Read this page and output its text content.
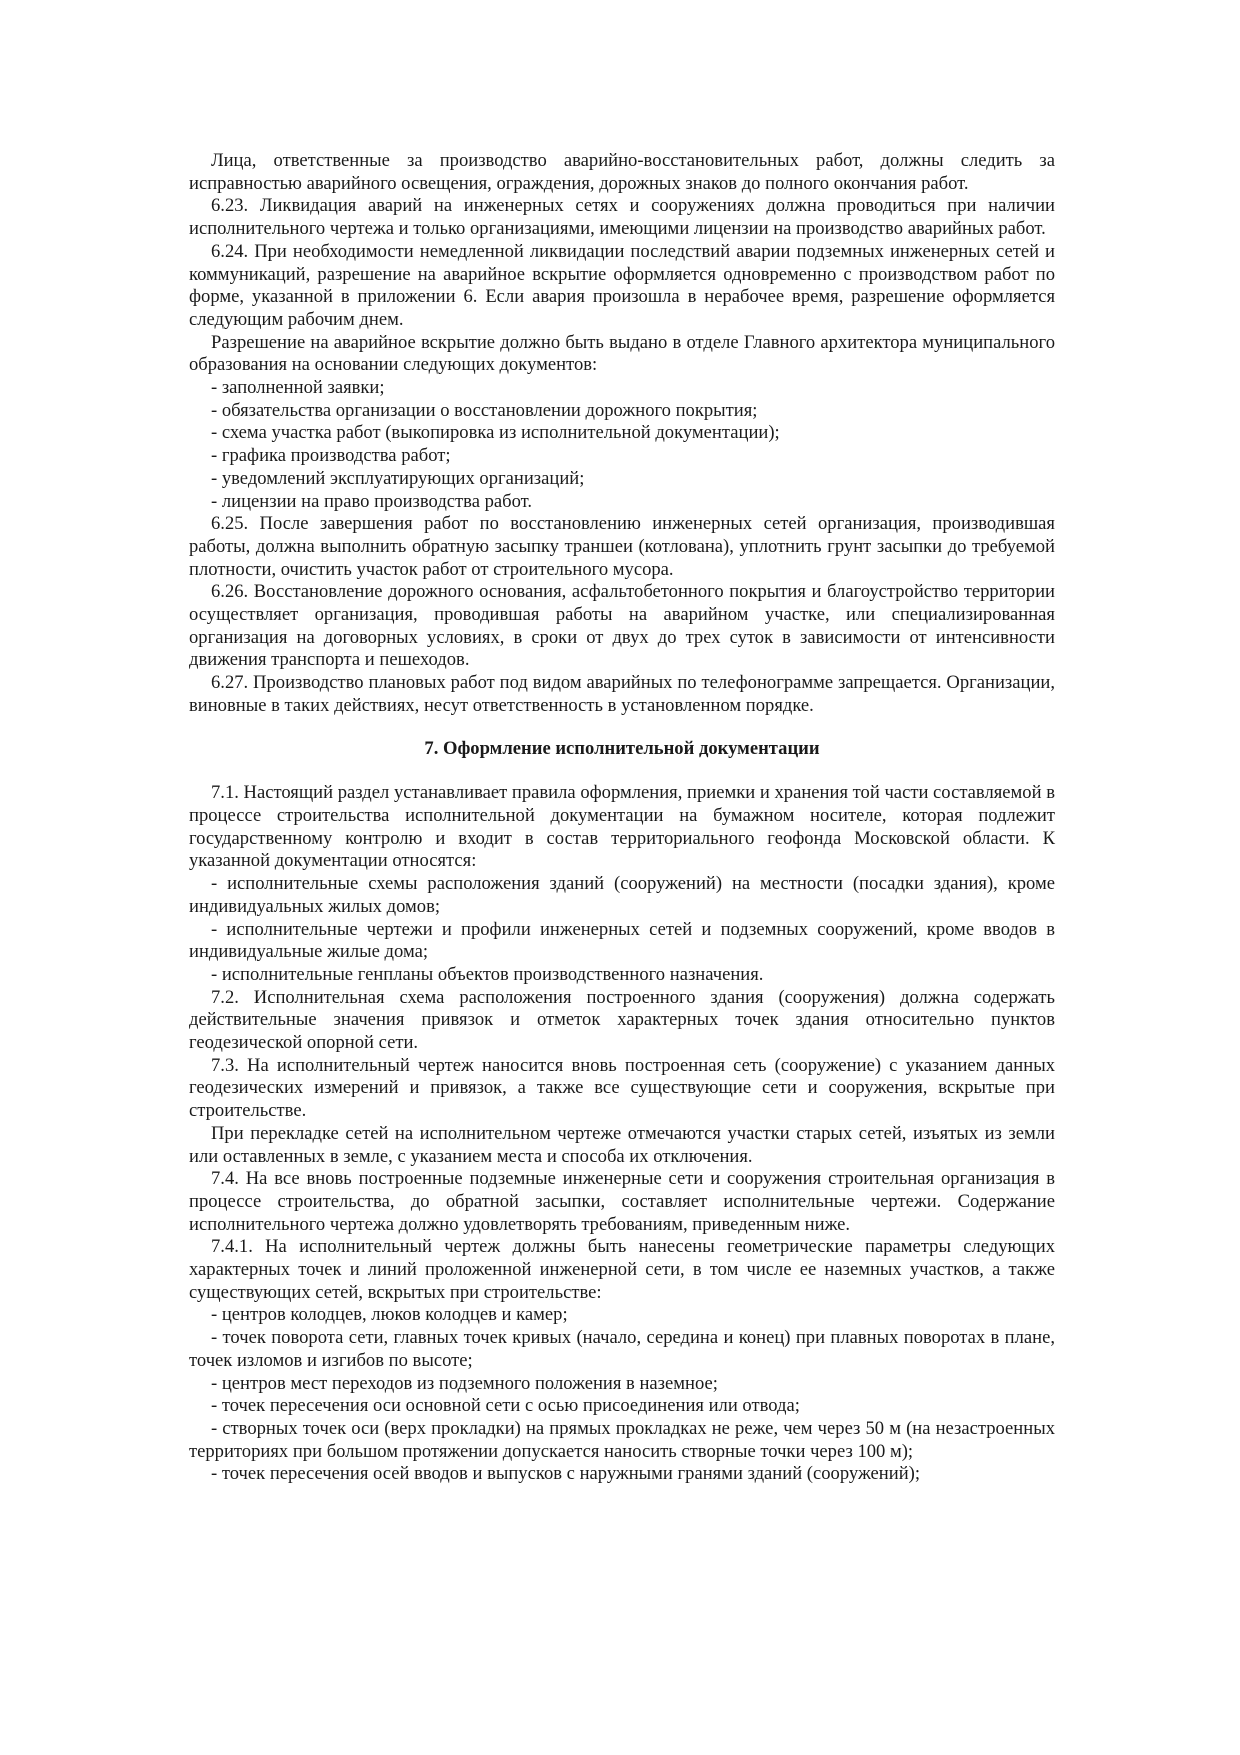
Лица, ответственные за производство аварийно-восстановительных работ, должны следить за исправностью аварийного освещения, ограждения, дорожных знаков до полного окончания работ.

6.23. Ликвидация аварий на инженерных сетях и сооружениях должна проводиться при наличии исполнительного чертежа и только организациями, имеющими лицензии на производство аварийных работ.

6.24. При необходимости немедленной ликвидации последствий аварии подземных инженерных сетей и коммуникаций, разрешение на аварийное вскрытие оформляется одновременно с производством работ по форме, указанной в приложении 6. Если авария произошла в нерабочее время, разрешение оформляется следующим рабочим днем.

Разрешение на аварийное вскрытие должно быть выдано в отделе Главного архитектора муниципального образования на основании следующих документов:

- заполненной заявки;

- обязательства организации о восстановлении дорожного покрытия;

- схема участка работ (выкопировка из исполнительной документации);

- графика производства работ;

- уведомлений эксплуатирующих организаций;

- лицензии на право производства работ.

6.25. После завершения работ по восстановлению инженерных сетей организация, производившая работы, должна выполнить обратную засыпку траншеи (котлована), уплотнить грунт засыпки до требуемой плотности, очистить участок работ от строительного мусора.

6.26. Восстановление дорожного основания, асфальтобетонного покрытия и благоустройство территории осуществляет организация, проводившая работы на аварийном участке, или специализированная организация на договорных условиях, в сроки от двух до трех суток в зависимости от интенсивности движения транспорта и пешеходов.

6.27. Производство плановых работ под видом аварийных по телефонограмме запрещается. Организации, виновные в таких действиях, несут ответственность в установленном порядке.

7. Оформление исполнительной документации

7.1. Настоящий раздел устанавливает правила оформления, приемки и хранения той части составляемой в процессе строительства исполнительной документации на бумажном носителе, которая подлежит государственному контролю и входит в состав территориального геофонда Московской области. К указанной документации относятся:

- исполнительные схемы расположения зданий (сооружений) на местности (посадки здания), кроме индивидуальных жилых домов;

- исполнительные чертежи и профили инженерных сетей и подземных сооружений, кроме вводов в индивидуальные жилые дома;

- исполнительные генпланы объектов производственного назначения.

7.2. Исполнительная схема расположения построенного здания (сооружения) должна содержать действительные значения привязок и отметок характерных точек здания относительно пунктов геодезической опорной сети.

7.3. На исполнительный чертеж наносится вновь построенная сеть (сооружение) с указанием данных геодезических измерений и привязок, а также все существующие сети и сооружения, вскрытые при строительстве.

При перекладке сетей на исполнительном чертеже отмечаются участки старых сетей, изъятых из земли или оставленных в земле, с указанием места и способа их отключения.

7.4. На все вновь построенные подземные инженерные сети и сооружения строительная организация в процессе строительства, до обратной засыпки, составляет исполнительные чертежи. Содержание исполнительного чертежа должно удовлетворять требованиям, приведенным ниже.

7.4.1. На исполнительный чертеж должны быть нанесены геометрические параметры следующих характерных точек и линий проложенной инженерной сети, в том числе ее наземных участков, а также существующих сетей, вскрытых при строительстве:

- центров колодцев, люков колодцев и камер;

- точек поворота сети, главных точек кривых (начало, середина и конец) при плавных поворотах в плане, точек изломов и изгибов по высоте;

- центров мест переходов из подземного положения в наземное;

- точек пересечения оси основной сети с осью присоединения или отвода;

- створных точек оси (верх прокладки) на прямых прокладках не реже, чем через 50 м (на незастроенных территориях при большом протяжении допускается наносить створные точки через 100 м);

- точек пересечения осей вводов и выпусков с наружными гранями зданий (сооружений);
